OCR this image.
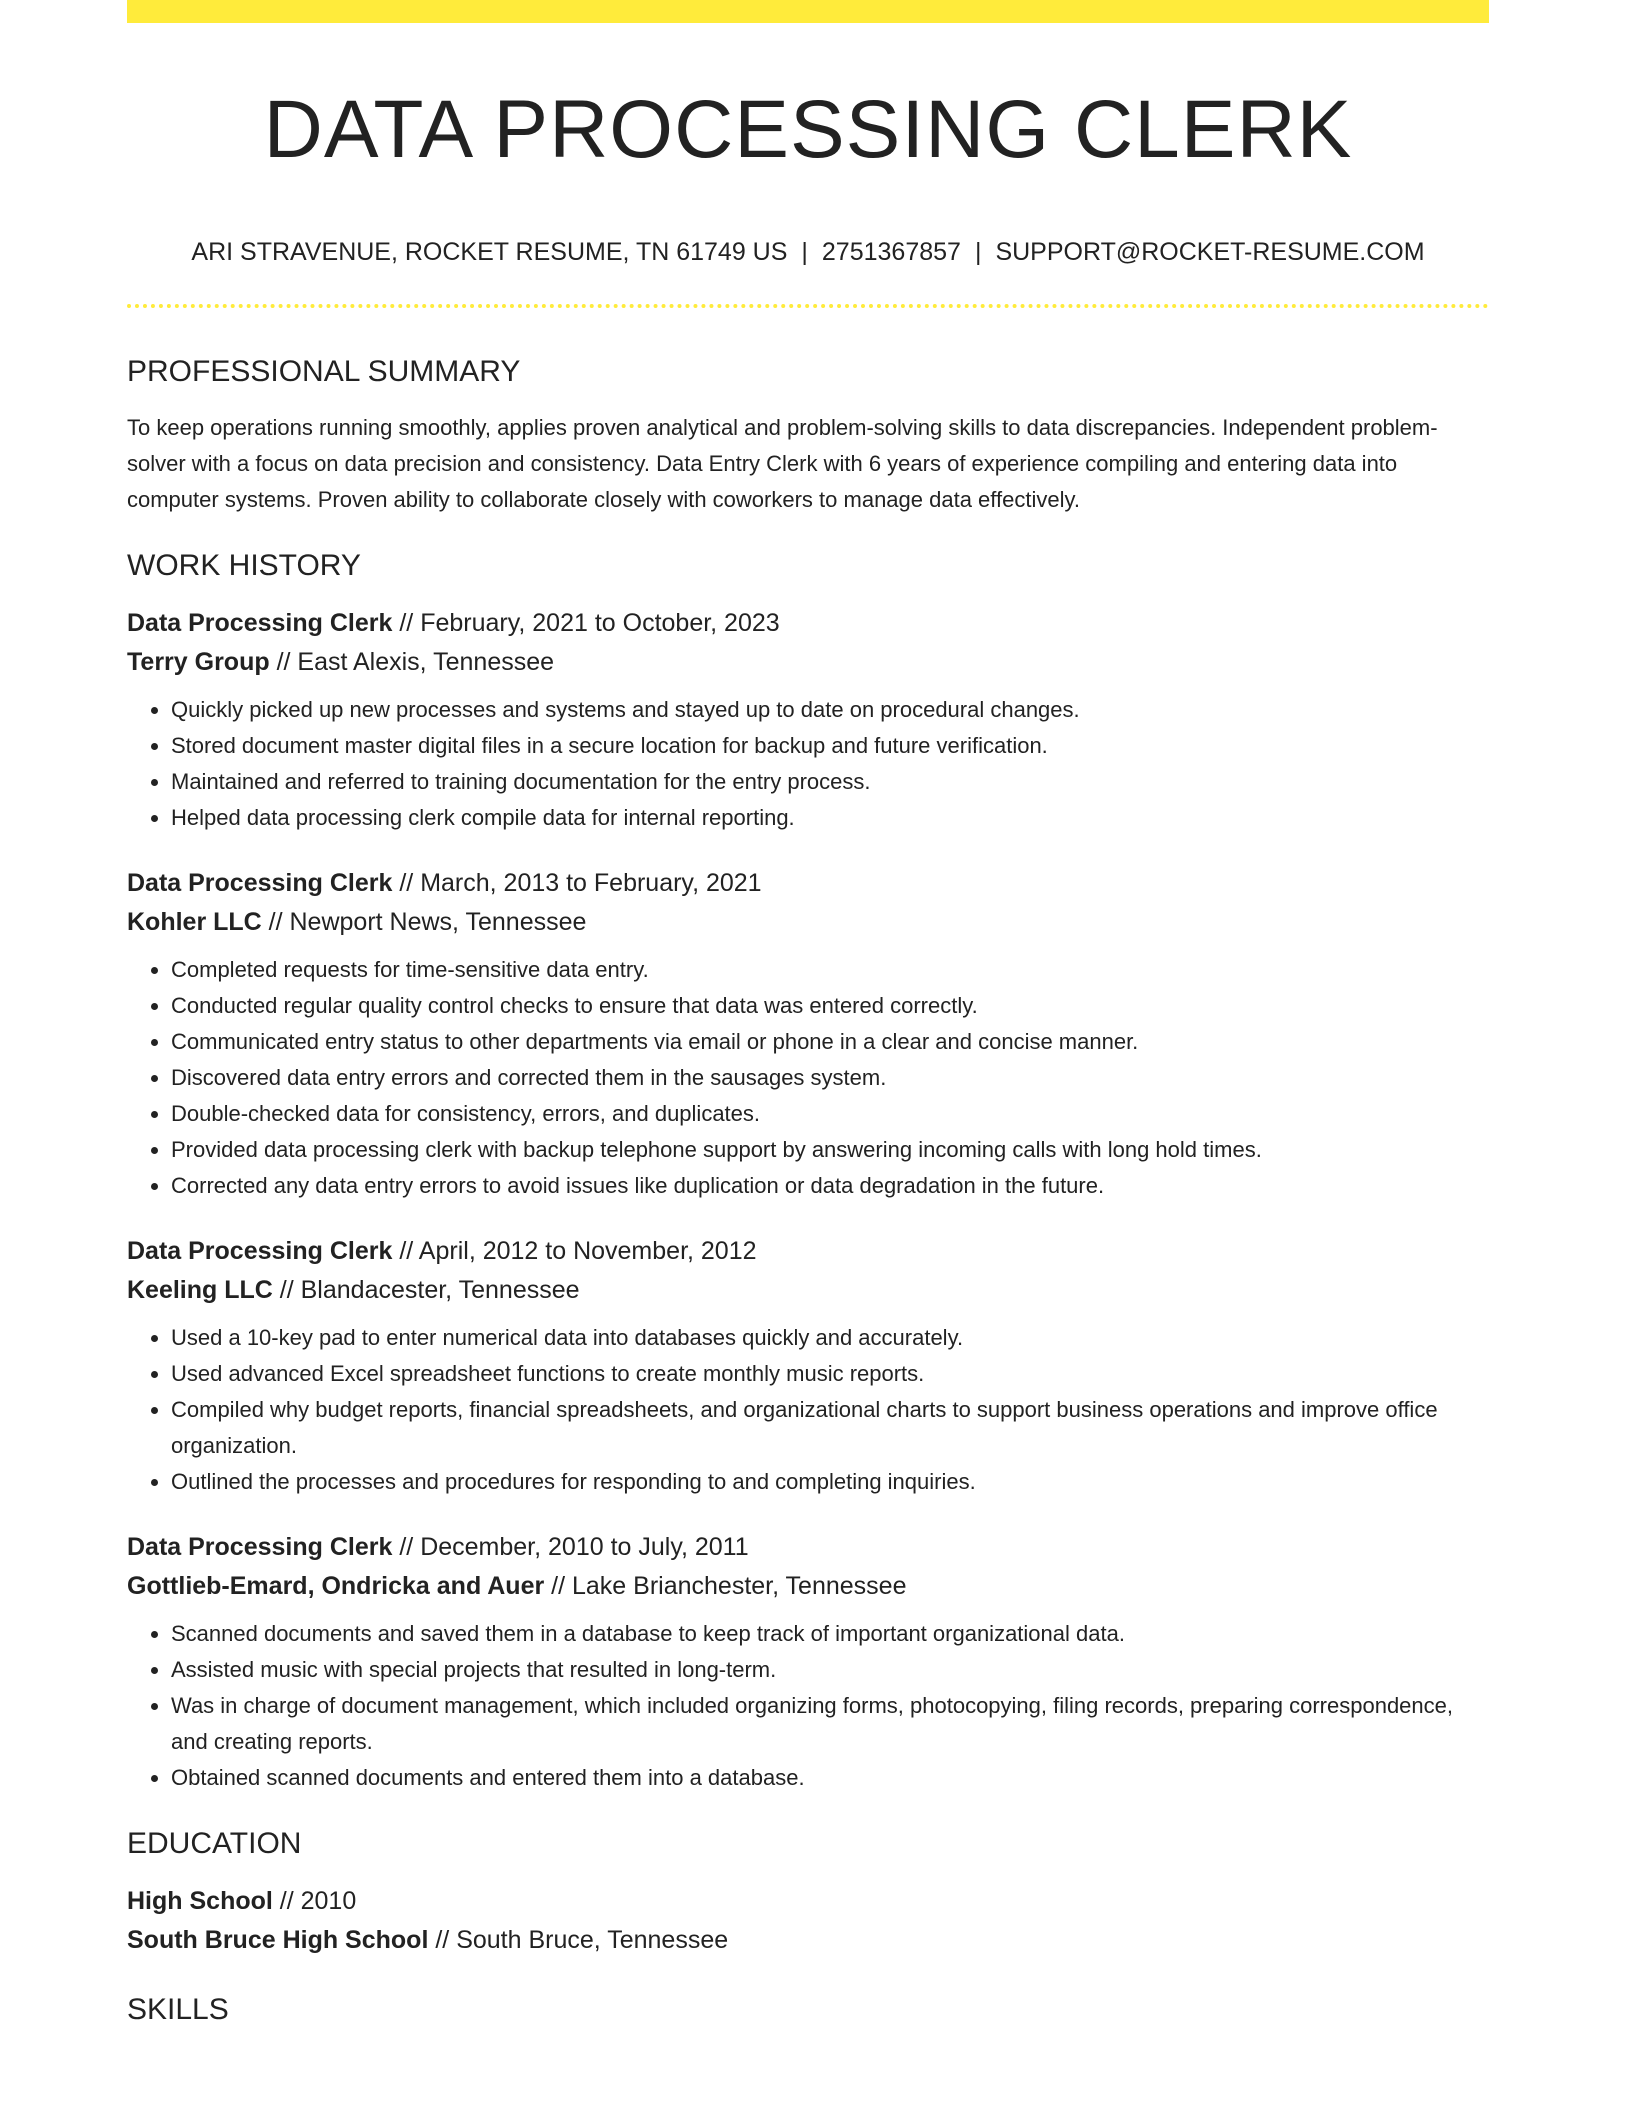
DATA PROCESSING CLERK
ARI STRAVENUE, ROCKET RESUME, TN 61749 US | 2751367857 | SUPPORT@ROCKET-RESUME.COM
PROFESSIONAL SUMMARY
To keep operations running smoothly, applies proven analytical and problem-solving skills to data discrepancies. Independent problem-solver with a focus on data precision and consistency. Data Entry Clerk with 6 years of experience compiling and entering data into computer systems. Proven ability to collaborate closely with coworkers to manage data effectively.
WORK HISTORY
Data Processing Clerk // February, 2021 to October, 2023
Terry Group // East Alexis, Tennessee
• Quickly picked up new processes and systems and stayed up to date on procedural changes.
• Stored document master digital files in a secure location for backup and future verification.
• Maintained and referred to training documentation for the entry process.
• Helped data processing clerk compile data for internal reporting.
Data Processing Clerk // March, 2013 to February, 2021
Kohler LLC // Newport News, Tennessee
• Completed requests for time-sensitive data entry.
• Conducted regular quality control checks to ensure that data was entered correctly.
• Communicated entry status to other departments via email or phone in a clear and concise manner.
• Discovered data entry errors and corrected them in the sausages system.
• Double-checked data for consistency, errors, and duplicates.
• Provided data processing clerk with backup telephone support by answering incoming calls with long hold times.
• Corrected any data entry errors to avoid issues like duplication or data degradation in the future.
Data Processing Clerk // April, 2012 to November, 2012
Keeling LLC // Blandacester, Tennessee
• Used a 10-key pad to enter numerical data into databases quickly and accurately.
• Used advanced Excel spreadsheet functions to create monthly music reports.
• Compiled why budget reports, financial spreadsheets, and organizational charts to support business operations and improve office organization.
• Outlined the processes and procedures for responding to and completing inquiries.
Data Processing Clerk // December, 2010 to July, 2011
Gottlieb-Emard, Ondricka and Auer // Lake Brianchester, Tennessee
• Scanned documents and saved them in a database to keep track of important organizational data.
• Assisted music with special projects that resulted in long-term.
• Was in charge of document management, which included organizing forms, photocopying, filing records, preparing correspondence, and creating reports.
• Obtained scanned documents and entered them into a database.
EDUCATION
High School // 2010
South Bruce High School // South Bruce, Tennessee
SKILLS
